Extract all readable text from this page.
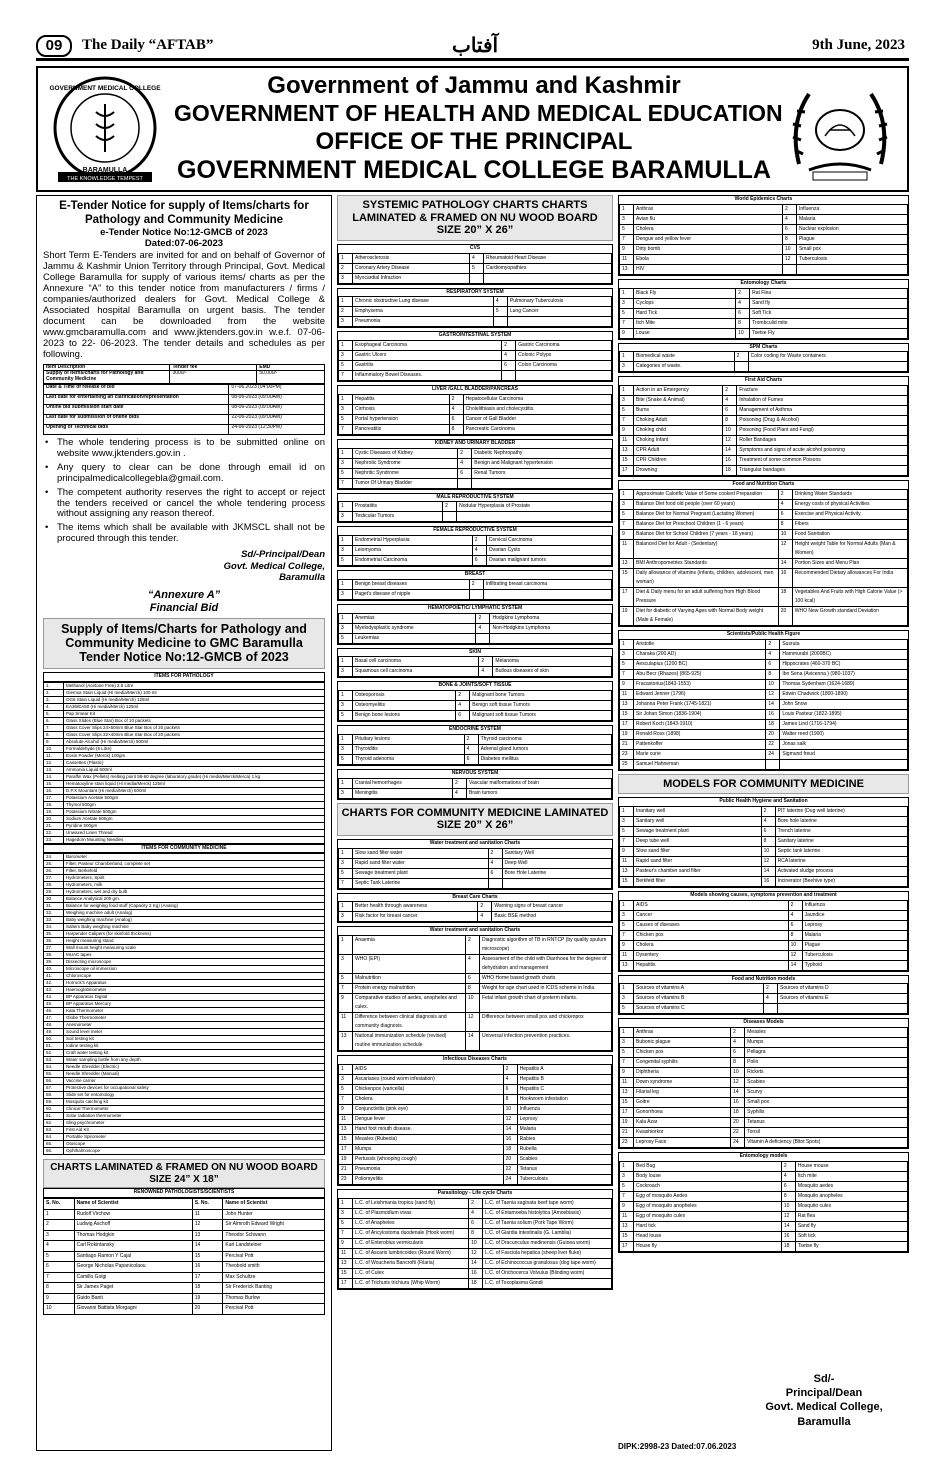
09	The Daily “AFTAB”	آفتاب	9th June, 2023
THE KNOWLEDGE TEMPEST
GOVERNMENT MEDICAL COLLEGE
BARAMULLA
Government of Jammu and Kashmir
GOVERNMENT OF HEALTH AND MEDICAL EDUCATION
OFFICE OF THE PRINCIPAL
GOVERNMENT MEDICAL COLLEGE BARAMULLA
E-Tender Notice for supply of Items/charts for Pathology and Community Medicine
e-Tender Notice No:12-GMCB of 2023
Dated:07-06-2023
Short Term E-Tenders are invited for and on behalf of Governor of Jammu & Kashmir Union Territory through Principal, Govt. Medical College Baramulla for supply of various items/ charts as per the Annexure “A” to this tender notice from manufacturers / firms / companies/authorized dealers for Govt. Medical College & Associated hospital Baramulla on urgent basis. The tender document can be downloaded from the website www.gmcbaramulla.com and www.jktenders.gov.in w.e.f. 07-06-2023 to 22- 06-2023. The tender details and schedules as per following.
Item Description	Tender fee	EMD
Supply of Items/charts for Pathology and Community Medicine	3000/-	50,000/-
Date & Time of release of bid	07-06.2023 (04:00PM)
Last date for entertaining an clarification/representation	08-06-2023 (09:00AM)
Online bid submission start date	08-06-2023 (09:00AM)
Last date for submission of online bids	22-06-2023 (09:00AM)
Opening of Technical bids	24-06-2023 (12:30PM)
• The whole tendering process is to be submitted online on website www.jktenders.gov.in .
• Any query to clear can be done through email id on principalmedicalcollegebla@gmail.com.
• The competent authority reserves the right to accept or reject the tenders received or cancel the whole tendering process without assigning any reason thereof.
• The items which shall be available with JKMSCL shall not be procured through this tender.
Sd/-Principal/Dean
Govt. Medical College,
Baramulla
“Annexure A”
Financial Bid
Supply of Items/Charts for Pathology and Community Medicine to GMC Baramulla Tender Notice No:12-GMCB of 2023
ITEMS FOR PATHOLOGY
1.	Methanol (Acetone Free) 2.5 Litre
2.	Giemsa Stain Liquid (Hi media/Merck) 100 ml
3.	OG6 Stain Liquid (Hi media/Merck) 125ml
4.	EA36/EA50 (Hi media/Merck) 125ml
5.	Pap Smear Kit
6.	Glass Slides (Blue Star) Box of 10 packets
7.	Glass Cover Slips 24×50mm Blue Star Box of 20 packets
8.	Glass Cover Slips 22×40mm Blue Star Box of 20 packets
9.	Absolute Alcohol (Hi media/Merck) 500ml
10.	Formaldehyde (5 Litre)
11.	Eosin Powder (Merck) 100gm
12.	Cassettes (Plastic)
13.	Ammonia Liquid 500ml
14.	Paraffin Wax (Pellets) melting point 58-60 degree (laboratory grade) (Hi media/Merck/Merca) 1 kg
15.	Hematoxyline stain liquid (Hi media/Merck) 125ml
16.	D.P.X Mountant (Hi media/Merck) 500ml
17.	Potassium Acetate 500gm
18.	Thymol 500gm
19.	Potassium Nitrate 500gm
20.	Sodium Acetate 500gm
21.	Pyridine 500gm
22.	Unwaxed Linen Thread
23.	Hagedorn Mounting Needles
ITEMS FOR COMMUNITY MEDICINE
24.	Barometer
25.	Filter, Pasteur Chamberland, complete set
26.	Filter, Berkefeld
27.	Hydrometers, Spirit
28.	Hydrometers, milk
29.	Hydrometers, wet and dry bulb
30.	Balance Analytical 200 gm.
31.	Balance for weighing food stuff (Capacity 2 Kg) (Analog)
32.	Weighing machine adult (Analog)
33.	Baby weighing machine (Analog)
34.	Salters Baby weighing machine
35.	Harpender Calipers (for skinfold thickness)
36.	Height measuring stand
37.	Wall mount height measuring scale
38.	MUAC tapes
39.	Dissecting microscope
40.	Microscope oil immersion
41.	Chloroscope
42.	Horrock's Apparatus
43.	Haemoglobinometer
44.	BP Apparatus Digital
45.	BP Apparatus Mercury
46.	Kata Thermometer
47.	Globe Thermometer
48.	Anemometer
49.	Sound level meter
50.	Soil testing kit
51.	Iodine testing kit
52.	Craft water testing kit
53.	Water sampling bottle from any depth
54.	Needle Shredder (Electric)
55.	Needle Shredder (Manual)
56.	Vaccine carrier
57.	Protective devices for occupational safety
58.	Slide set for entomology
59.	Mosquito catching kit
60.	Clinical Thermometer
61.	Solar radiation thermometer
62.	Sling psychrometer
63.	First Aid Kit
64.	Portable Spirometer
65.	Otoscope
66.	Ophthalmoscope
CHARTS LAMINATED & FRAMED ON NU WOOD BOARD SIZE 24” X 18”
RENOWNED PATHOLOGISTS/SCIENTISTS
S. No.	Name of Scientist	S. No.	Name of Scientist
1	Rudolf Virchow	11	John Hunter
2	Ludwig Aschoff	12	Sir Almroth Edward Wright
3	Thomas Hodgkin	13	Theodor Schwann
4	Carl Rokintansky	14	Karl Landsteiner
5	Santiago Ramon Y Cajal	15	Percival Pott
6	George Nicholas Papanicolaou	16	Theobold smith
7	Camillo Golgi	17	Max Schultze
8	Sir James Paget	18	Sir Frederick Banting
9	Guido Banti	19	Thomas Burlow
10	Giovanni Battista Morgagni	20	Percival Pott
SYSTEMIC PATHOLOGY CHARTS CHARTS LAMINATED & FRAMED ON NU WOOD BOARD SIZE 20” X 26”
CVS
1	Atherosclerosis	4	Rheumatoid Heart Disease
2	Coronary Artery Disease	5	Cardiomyopathies
3	Myocardial Infraction		
RESPIRATORY SYSTEM
1	Chronic obstructive Lung disease	4	Pulmonary Tuberculosis
2	Emphysema	5	Lung Cancer
3	Pneumonia		
GASTROINTESTINAL SYSTEM
1	Esophageal Carcinoma	2	Gastric Carcinoma
3	Gastric Ulcers	4	Colonic Polyps
5	Gastritis	6	Colon Carcinoma
7	Inflammatory Bowel Diseases.		
LIVER /GALL BLADDER/PANCREAS
1	Hepatitis	2	Hepatocellular Carcinoma
3	Cirrhosis	4	Cholelithiasis and cholecystitis.
5	Portal hypertension	6	Cancer of Gall Bladder
7	Pancreatitis	8	Pancreatic Carcinoma
KIDNEY AND URINARY BLADDER
1	Cystic Diseases of Kidney	2	Diabetic Nephropathy
3	Nephrotic Syndrome	4	Benign and Malignant hypertension
5	Nephritic Syndrome	6	Renal Tumors
7	Tumor Of Urinary Bladder		
MALE REPRODUCTIVE SYSTEM
1	Prostatitis	2	Nodular Hyperplasia of Prostate
3	Testicular Tumors		
FEMALE REPRODUCTIVE SYSTEM
1	Endometrial Hyperplasia	2	Cervical Carcinoma
3	Leiomyoma	4	Ovarian Cysts
5	Endometrial Carcinoma	6	Ovarian malignant tumors
BREAST
1	Benign breast diseases	2	Infiltrating breast carcinoma
3	Paget's disease of nipple		
HEMATOPOIETIC/ LYMPHATIC SYSTEM
1	Anemias	2	Hodgkins Lymphoma
3	Myelodysplastic syndrome	4	Non-Hodgkins Lymphoma
5	Leukemias		
SKIN
1	Basal cell carcinoma	2	Melanoma
3	Squamous cell carcinoma	4	Bullous diseases of skin
BONE & JOINTS/SOFT TISSUE
1	Osteoporosis	2	Malignant bone Tumors
3	Osteomyelitis	4	Benign soft tissue Tumors
5	Benign bone lesions	6	Malignant soft tissue Tumors
ENDOCRINE SYSTEM
1	Pituitary lesions	2	Thyroid carcinoma
3	Thyroiditis	4	Adrenal gland tumors
5	Thyroid adenoma	6	Diabetes mellitus
NERVOUS SYSTEM
1	Cranial hemorrhages	2	Vascular malformations of brain
3	Meningitis	4	Brain tumors
CHARTS FOR COMMUNITY MEDICINE LAMINATED SIZE 20” X 26”
Water treatment and sanitation Charts
1	Slow sand filter water	2	Sanitary Well
3	Rapid sand filter water	4	Deep Well
5	Sewage treatment plant	6	Bore Hole Laterine
7	Septic Tank Laterine		
Breast Care Charts
1	Better health through awareness	2	Warning signs of breast cancer
3	Risk factor for breast cancer	4	Basic BSE method
Water treatment and sanitation Charts
1	Anaemia	2	Diagnostic algorithm of TB in RNTCP (by quality sputum microscope)
3	WHO (EPI)	4	Assessment of the child with Diarrhoea for the degree of dehydration and management
5	Malnutrition	6	WHO Home based growth charts
7	Protein energy malnutrition	8	Weight for age chart used in ICDS scheme in India.
9	Comparative studies of aedes, anopheles and culex.	10	Fetal infant growth chart of preterm infants.
11	Difference between clinical diagnosis and community diagnosis.	12	Difference between small pox and chickenpox
13	National immunization schedule (revised) routine immunization schedule	14	Universal infection prevention practices.
Infectious Diseases Charts
1	AIDS	2	Hepatitis A
3	Ascariases (round worm infestation)	4	Hepatitis B
5	Chickenpox (varicella)	6	Hepatitis C
7	Cholera	8	Hookworm infestation
9	Conjunctivitis (pink eye)	10	Influenza
11	Dengue fever	12	Leprosy
13	Hand foot mouth disease.	14	Malaria
15	Measles (Rubeola)	16	Rabies
17	Mumps	18	Rubella
19	Pertussis (whooping cough)	20	Scabies
21	Pneumonia	22	Tetanus
23	Poliomyelitis	24	Tuberculosis
Parasitology - Life cycle Charts
1	L.C. of Leishmania tropica (sand fly)	2	L.C. of Taenia saginata beef tape worm)
3	L.C. of Plasmodium vivax	4	L.C. of Entamoeba histolytica (Amoebiasis)
5	L.C. of Anapheles	6	L.C. of Taenia solium (Pork Tape Worm)
7	L.C. of Ancylostoma duodenale (Hook worm)	8	L.C. of Giardia intestinalis (G. Lamblia)
9	L.C. of Enterobius vermicularis	10	L.C. of Dracunculus medinensis (Guinea worm)
11	L.C. of Ascaris lumbricoides (Round Worm)	12	L.C. of Fasciola hepatica (sheep liver fluke)
13	L.C. of Woucheria Bancrofti (Filaria)	14	L.C. of Echinococcus granulosus (dog tape worm)
15	L.C. of Culex	16	L.C. of Onchocerca Volvulus (Blinding worm)
17	L.C. of Trichuris trichiura (Whip Worm)	18	L.C. of Toxoplasma Gondi
World Epidemics Charts
1	Anthrax	2	Influenza
3	Avian flu	4	Malaria
5	Cholera	6	Nuclear explosion
7	Dengue and yellow fever	8	Plague
9	Dirty bomb	10	Small pox
11	Ebola	12	Tuberculosis
13	HIV		
Entomology Charts
1	Black Fly	2	Rat Flea
3	Cyclops	4	Sand fly
5	Hard Tick	6	Soft Tick
7	Itch Mite	8	Trombculid mite
9	Louse	10	Tsetse Fly
SPM Charts
1	Biomedical waste	2	Color coding for Waste containers
3	Categories of waste.		
First Aid Charts
1	Action in an Emergency	2	Fracture
3	Bite (Snake & Animal)	4	Inhalation of Fumes
5	Burns	6	Management of Asthma
7	Choking Adult	8	Poisoning (Drug & Alcohol)
9	Choking child	10	Poisoning (Food Plant and Fungi)
11	Choking Infant	12	Roller Bandages
13	CPR Adult	14	Symptoms and signs of acute alcohol poisoning
15	CPR Children	16	Treatment of some common Poisons
17	Drowning	18	Triangular bandages
Food and Nutrition Charts
1	Approximate Calorific Value of Some cooked Preparation	2	Drinking Water Standards
3	Balance Diet food old people (over 60 years)	4	Energy costs of physical Activities
5	Balance Diet for Normal Pregnant (Lactating Women)	6	Exercise and Physical Activity
7	Balance Diet for Preschool Children (1 - 6 years)	8	Fibers
9	Balance Diet for School Children (7 years - 18 years)	10	Food Sanitation
11	Balanced Diet for Adult - (Sedentary)	12	Height weight Table for Normal Adults (Man & Women)
13	BMI Anthropometries Standards	14	Portion Sizes and Menu Plan
15	Daily allowance of vitamins (infants, children, adolescent, men woman)	16	Recommended Dietary allowances For India
17	Diet & Daily menu for an adult suffering from High Blood Pressure	18	Vegetables And Fruits with High Calorie Value (> 100 kcal)
19	Diet for diabetic of Varying Ages with Normal Body weight (Male & Female)	20	WHO New Growth standard Deviation
Scientists/Public Health Figure
1	Aristotle	2	Susruta
3	Charaka (200 AD)	4	Hammurabi (2000BC)
5	Aesculapius (1200 BC)	6	Hippocrates (460-370 BC)
7	Abu Becr (Rhazes) (865-925)	8	Ibn Sena (Avicenna ) (980-1037)
9	Fracastorius(1843-1553)	10	Thomas Sydenham (1624-1689)
11	Edward Jenner (1796)	12	Edwin Chadwick (1800-1890)
13	Johanna Peter Frank (1745-1821)	14	John Snow
15	Sir Johan Simon (1836-1904)	16	Louis Pasteur (1822-1895)
17	Robert Koch (1843-1910)	18	James Lind (1716-1794)
19	Ronald Ross (1898)	20	Walter reed (1900)
21	Pattenkoffer	22	Jonas salk
23	Marie curie	24	Sigmund freud
25	Samuel Hahneman		
MODELS FOR COMMUNITY MEDICINE
Public Health Hygiene and Sanitation
1	Inanitary well	2	PIT laterine (Dug well laterine)
3	Sanitary well	4	Bore hole laterine
5	Sewage treatment plant	6	Trench laterine
7	Deep tube well	8	Sanitary laterine
9	Slow sand filter	10	Septic tank laterine
11	Rapid sand filter	12	RCA laterine
13	Pasteur's chamber sand filter	14	Activated sludge process
15	Berkfeld filter	16	Incinerator (Beehive type)
Models showing causes, symptoms prevention and treatment
1	AIDS	2	Influenza
3	Cancer	4	Jaundice
5	Causes of diseases	6	Leprosy
7	Chicken pox	8	Malaria
9	Cholera	10	Plague
11	Dysentery	12	Tuberculosis
13	Hepatitis	14	Typhoid
Food and Nutrition models
1	Sources of vitamins A	2	Sources of vitamins D
3	Sources of vitamins B	4	Sources of vitamins E
5	Sources of vitamins C		
Diseases Models
1	Anthrax	2	Measles
3	Bubonic plague	4	Mumps
5	Chicken pox	6	Pellagra
7	Congenital syphilis	8	Polio
9	Diphtheria	10	Rickets
11	Down syndrome	12	Scabies
13	Filarial leg	14	Scurvy
15	Goitre	16	Small pox
17	Gonorrhoea	18	Syphilis
19	Kala Azar	20	Tetanus
21	Kwashiorkor	22	Tonsil
23	Leprosy Face	24	Vitamin A deficiency (Bitot Spots)
Entomology models
1	Bed Bug	2	House mouse
3	Body louse	4	Itch mite
5	Cockroach	6	Mosquito aedes
7	Egg of mosquito Aedes	8	Mosquito anopheles
9	Egg of mosquito anopheles	10	Mosquito culex
11	Egg of mosquito culex	12	Rat flea
13	Hard tick	14	Sand fly
15	Head louse	16	Soft tick
17	House fly	18	Tsetse fly
Sd/-
Principal/Dean
Govt. Medical College,
Baramulla
DIPK:2998-23 Dated:07.06.2023
